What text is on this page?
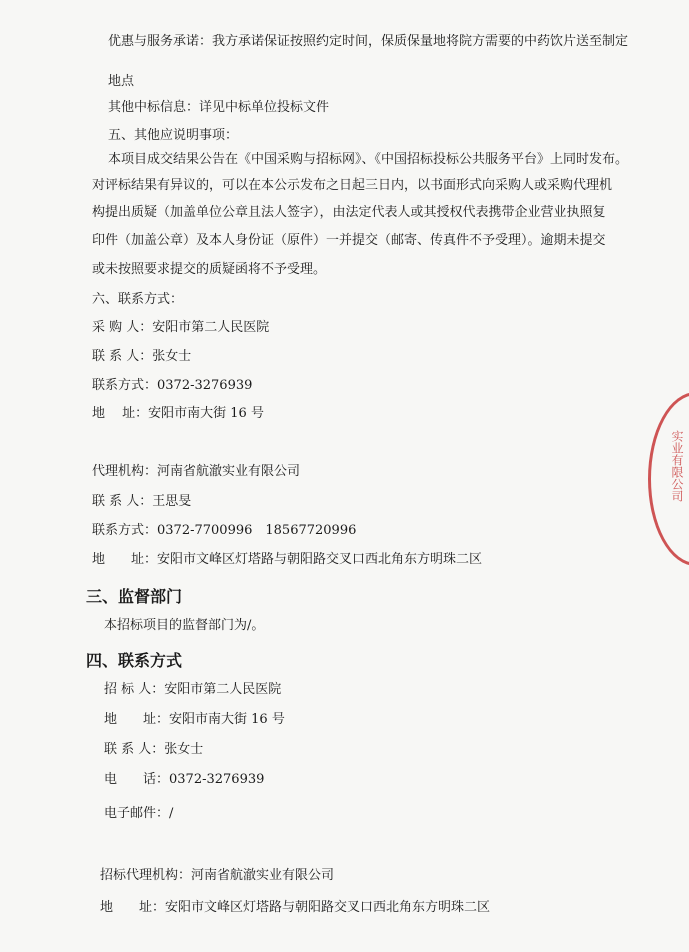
优惠与服务承诺：我方承诺保证按照约定时间，保质保量地将院方需要的中药饮片送至制定
地点
其他中标信息：详见中标单位投标文件
五、其他应说明事项：
本项目成交结果公告在《中国采购与招标网》、《中国招标投标公共服务平台》上同时发布。
对评标结果有异议的，可以在本公示发布之日起三日内，以书面形式向采购人或采购代理机
构提出质疑（加盖单位公章且法人签字），由法定代表人或其授权代表携带企业营业执照复
印件（加盖公章）及本人身份证（原件）一并提交（邮寄、传真件不予受理）。逾期未提交
或未按照要求提交的质疑函将不予受理。
六、联系方式：
采 购 人：安阳市第二人民医院
联 系 人：张女士
联系方式：0372-3276939
地　 址：安阳市南大街 16 号
代理机构：河南省航澈实业有限公司
联 系 人：王思旻
联系方式：0372-7700996　18567720996
地　　址：安阳市文峰区灯塔路与朝阳路交叉口西北角东方明珠二区
三、监督部门
本招标项目的监督部门为/。
四、联系方式
招 标 人：安阳市第二人民医院
地　　址：安阳市南大街 16 号
联 系 人：张女士
电　　话：0372-3276939
电子邮件：/
招标代理机构：河南省航澈实业有限公司
地　　址：安阳市文峰区灯塔路与朝阳路交叉口西北角东方明珠二区
实业有限公司
